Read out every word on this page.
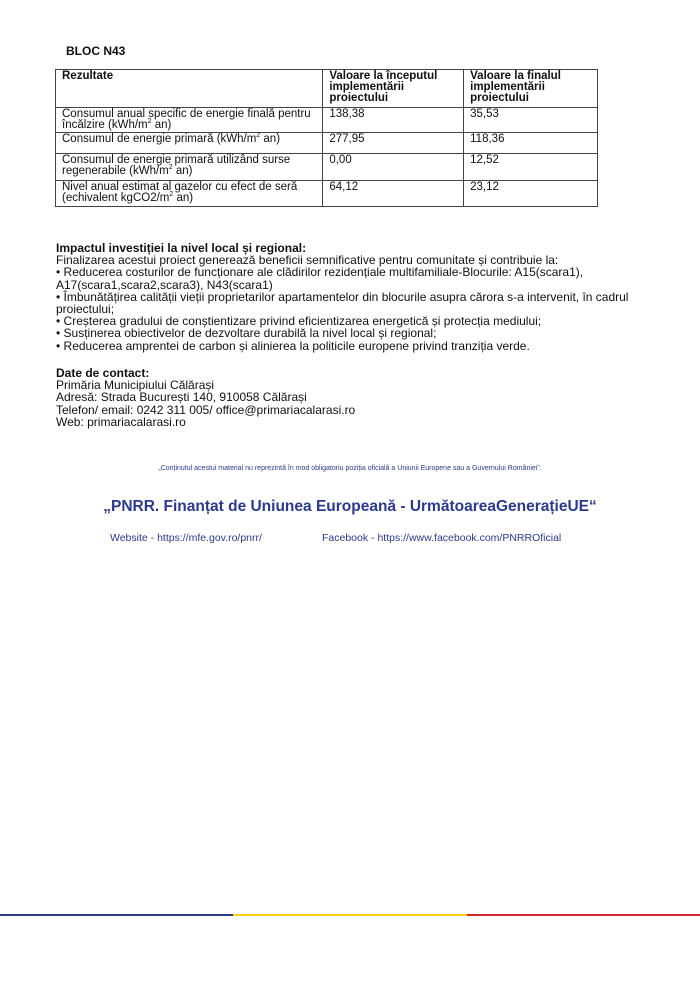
BLOC N43
Rezultate	Valoare la începutul implementării proiectului	Valoare la finalul implementării proiectului
Consumul anual specific de energie finală pentru încălzire ($kWh/m^2$ an)	138,38	35,53
Consumul de energie primară ($kWh/m^2$ an)	277,95	118,36
Consumul de energie primară utilizând surse regenerabile ($kWh/m^2$ an)	0,00	12,52
Nivel anual estimat al gazelor cu efect de seră (echivalent $kgCO2/m^2$ an)	64,12	23,12
Impactul investiției la nivel local și regional:
Finalizarea acestui proiect generează beneficii semnificative pentru comunitate și contribuie la:
• Reducerea costurilor de funcționare ale clădirilor rezidențiale multifamiliale-Blocurile: A15(scara1), A17(scara1,scara2,scara3), N43(scara1)
• Îmbunătățirea calității vieții proprietarilor apartamentelor din blocurile asupra cărora s-a intervenit, în cadrul proiectului;
• Creșterea gradului de conștientizare privind eficientizarea energetică și protecția mediului;
• Susținerea obiectivelor de dezvoltare durabilă la nivel local și regional;
• Reducerea amprentei de carbon și alinierea la politicile europene privind tranziția verde.
Date de contact:
Primăria Municipiului Călărași
Adresă: Strada București 140, 910058 Călărași
Telefon/ email: 0242 311 005/ office@primariacalarasi.ro
Web: primariacalarasi.ro
„Conținutul acestui material nu reprezintă în mod obligatoriu poziția oficială a Uniunii Europene sau a Guvernului României”.
„PNRR. Finanțat de Uniunea Europeană - UrmătoareaGenerațieUE“
Website - https://mfe.gov.ro/pnrr/	Facebook - https://www.facebook.com/PNRROficial
